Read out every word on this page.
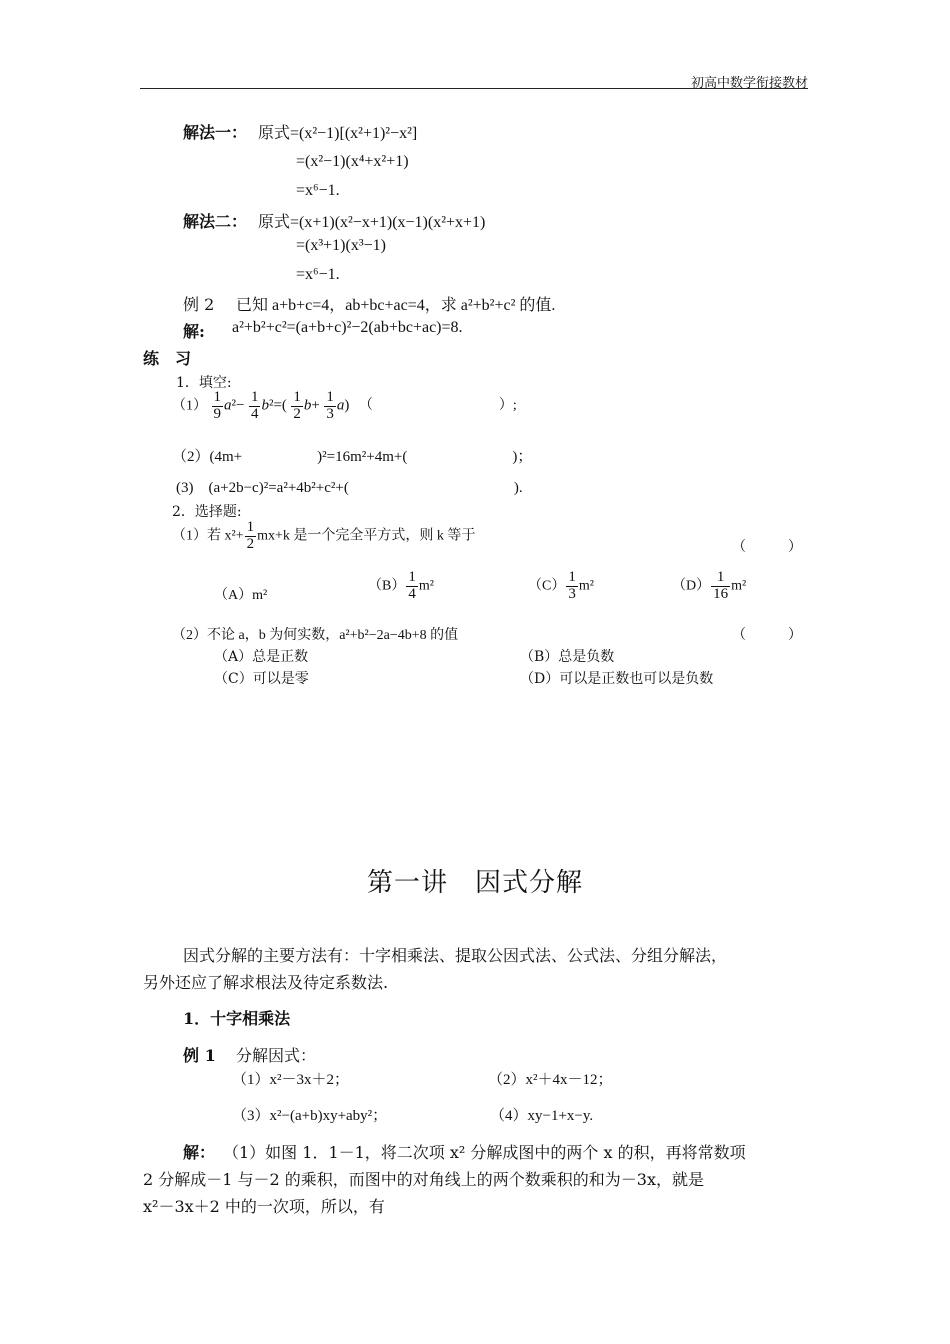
初高中数学衔接教材
解法一： 原式=(x²−1)[(x²+1)²−x²]
=(x²−1)(x⁴+x²+1)
=x⁶−1.
解法二： 原式=(x+1)(x²−x+1)(x−1)(x²+x+1)
=(x³+1)(x³−1)
=x⁶−1.
例 2 已知 a+b+c=4，ab+bc+ac=4，求 a²+b²+c² 的值.
解: a²+b²+c²=(a+b+c)²−2(ab+bc+ac)=8.
练　习
1．填空:
$(1) \frac{1}{9} a^2- \frac{1}{4} b^2=( \frac{1}{2} b+ \frac{1}{3} a)$ （　　　　　　　　　）;
（2）(4m+　　　　　)²=16m²+4m+(　　　　　　　)；
(3)　(a+2b−c)²=a²+4b²+c²+(　　　　　　　　　　　).
2．选择题:
（1）若 $x^2+ \frac{1}{2} mx+k$ 是一个完全平方式，则 k 等于
（　　　）
（A）m²
$(B) \frac{1}{4} m^2$	$(C) \frac{1}{3} m^2$	$(D) \frac{1}{16} m^2$
（2）不论 a，b 为何实数，a²+b²−2a−4b+8 的值	（　　　）
（A）总是正数	（B）总是负数
（C）可以是零	（D）可以是正数也可以是负数
第一讲　因式分解
因式分解的主要方法有：十字相乘法、提取公因式法、公式法、分组分解法，
另外还应了解求根法及待定系数法.
1．十字相乘法
例 1 分解因式：
（1）x²－3x＋2；	（2）x²＋4x－12；
（3）x²−(a+b)xy+aby²；	（4）xy−1+x−y.
解： （1）如图 1．1－1，将二次项 x² 分解成图中的两个 x 的积，再将常数项
2 分解成－1 与－2 的乘积，而图中的对角线上的两个数乘积的和为－3x，就是
x²－3x＋2 中的一次项，所以，有
